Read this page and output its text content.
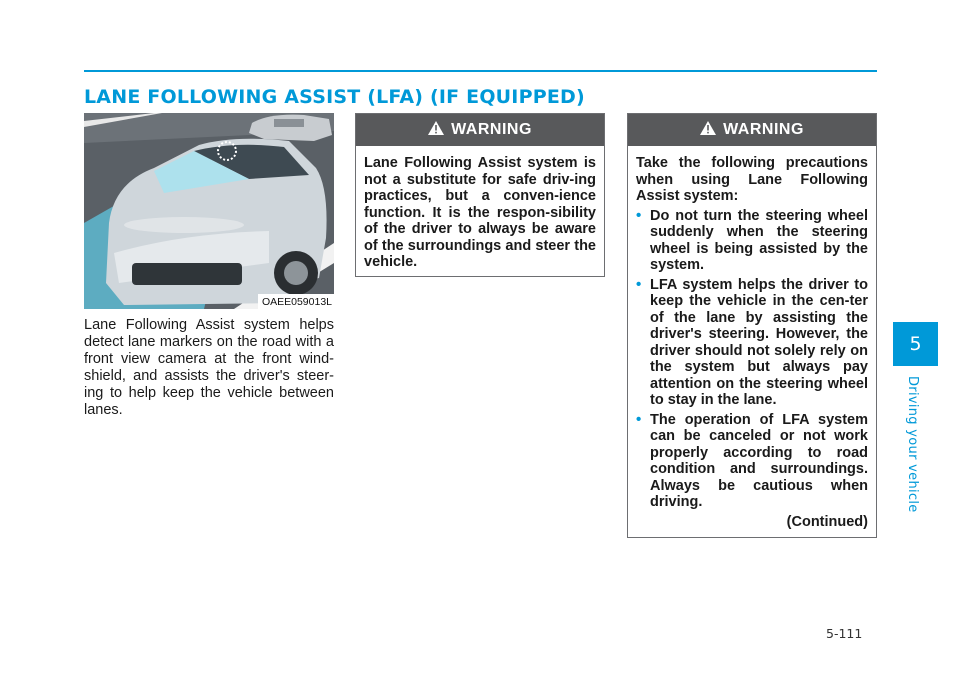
LANE FOLLOWING ASSIST (LFA) (IF EQUIPPED)
OAEE059013L
Lane Following Assist system helps detect lane markers on the road with a front view camera at the front wind-shield, and assists the driver's steer-ing to help keep the vehicle between lanes.
WARNING
Lane Following Assist system is not a substitute for safe driv-ing practices, but a conven-ience function. It is the respon-sibility of the driver to always be aware of the surroundings and steer the vehicle.
WARNING
Take the following precautions when using Lane Following Assist system:
• Do not turn the steering wheel suddenly when the steering wheel is being assisted by the system.
• LFA system helps the driver to keep the vehicle in the cen-ter of the lane by assisting the driver's steering. However, the driver should not solely rely on the system but always pay attention on the steering wheel to stay in the lane.
• The operation of LFA system can be canceled or not work properly according to road condition and surroundings. Always be cautious when driving.
(Continued)
5
Driving your vehicle
5-111
